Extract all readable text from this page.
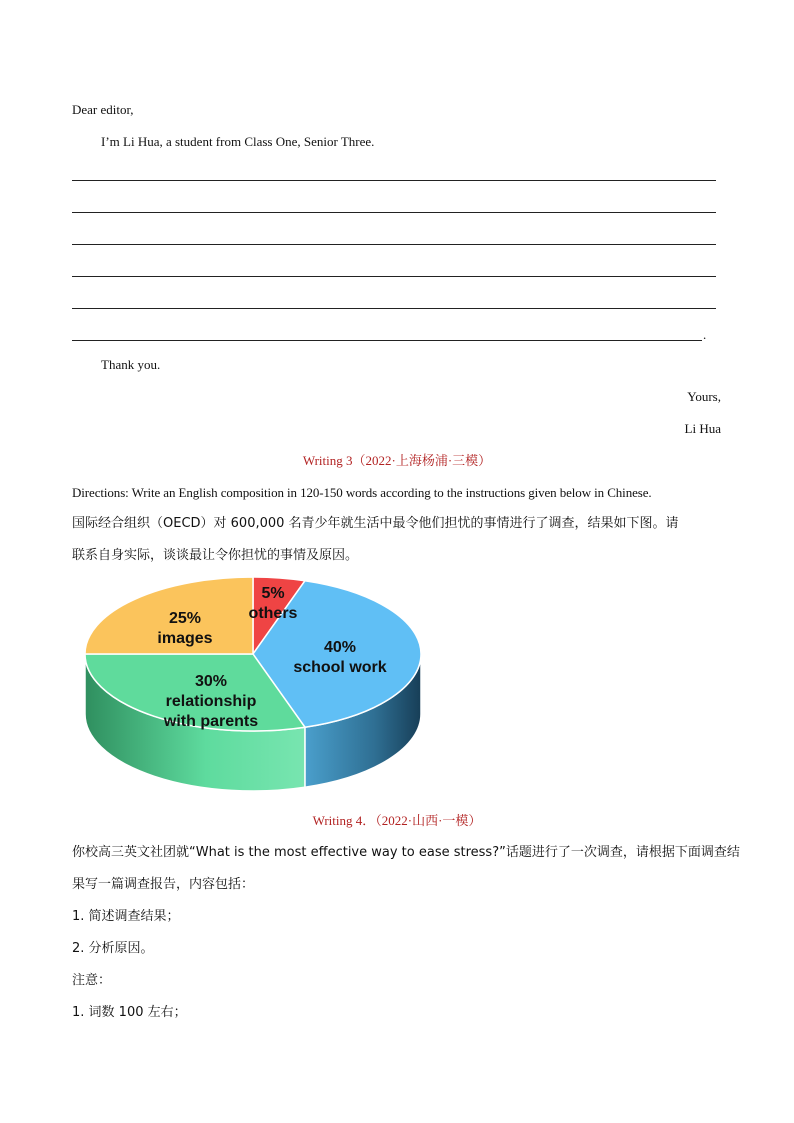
Dear editor,
I’m Li Hua, a student from Class One, Senior Three.
.
Thank you.
Yours,
Li Hua
Writing 3（2022·上海杨浦·三模）
Directions: Write an English composition in 120-150 words according to the instructions given below in Chinese.
国际经合组织（OECD）对 600,000 名青少年就生活中最令他们担忧的事情进行了调查，结果如下图。请
联系自身实际，谈谈最让令你担忧的事情及原因。
5% others
40% school work
30% relationship with parents
25% images
Writing 4．（2022·山西·一模）
你校高三英文社团就“What is the most effective way to ease stress?”话题进行了一次调查，请根据下面调查结
果写一篇调查报告，内容包括：
1. 简述调查结果；
2. 分析原因。
注意：
1. 词数 100 左右；
